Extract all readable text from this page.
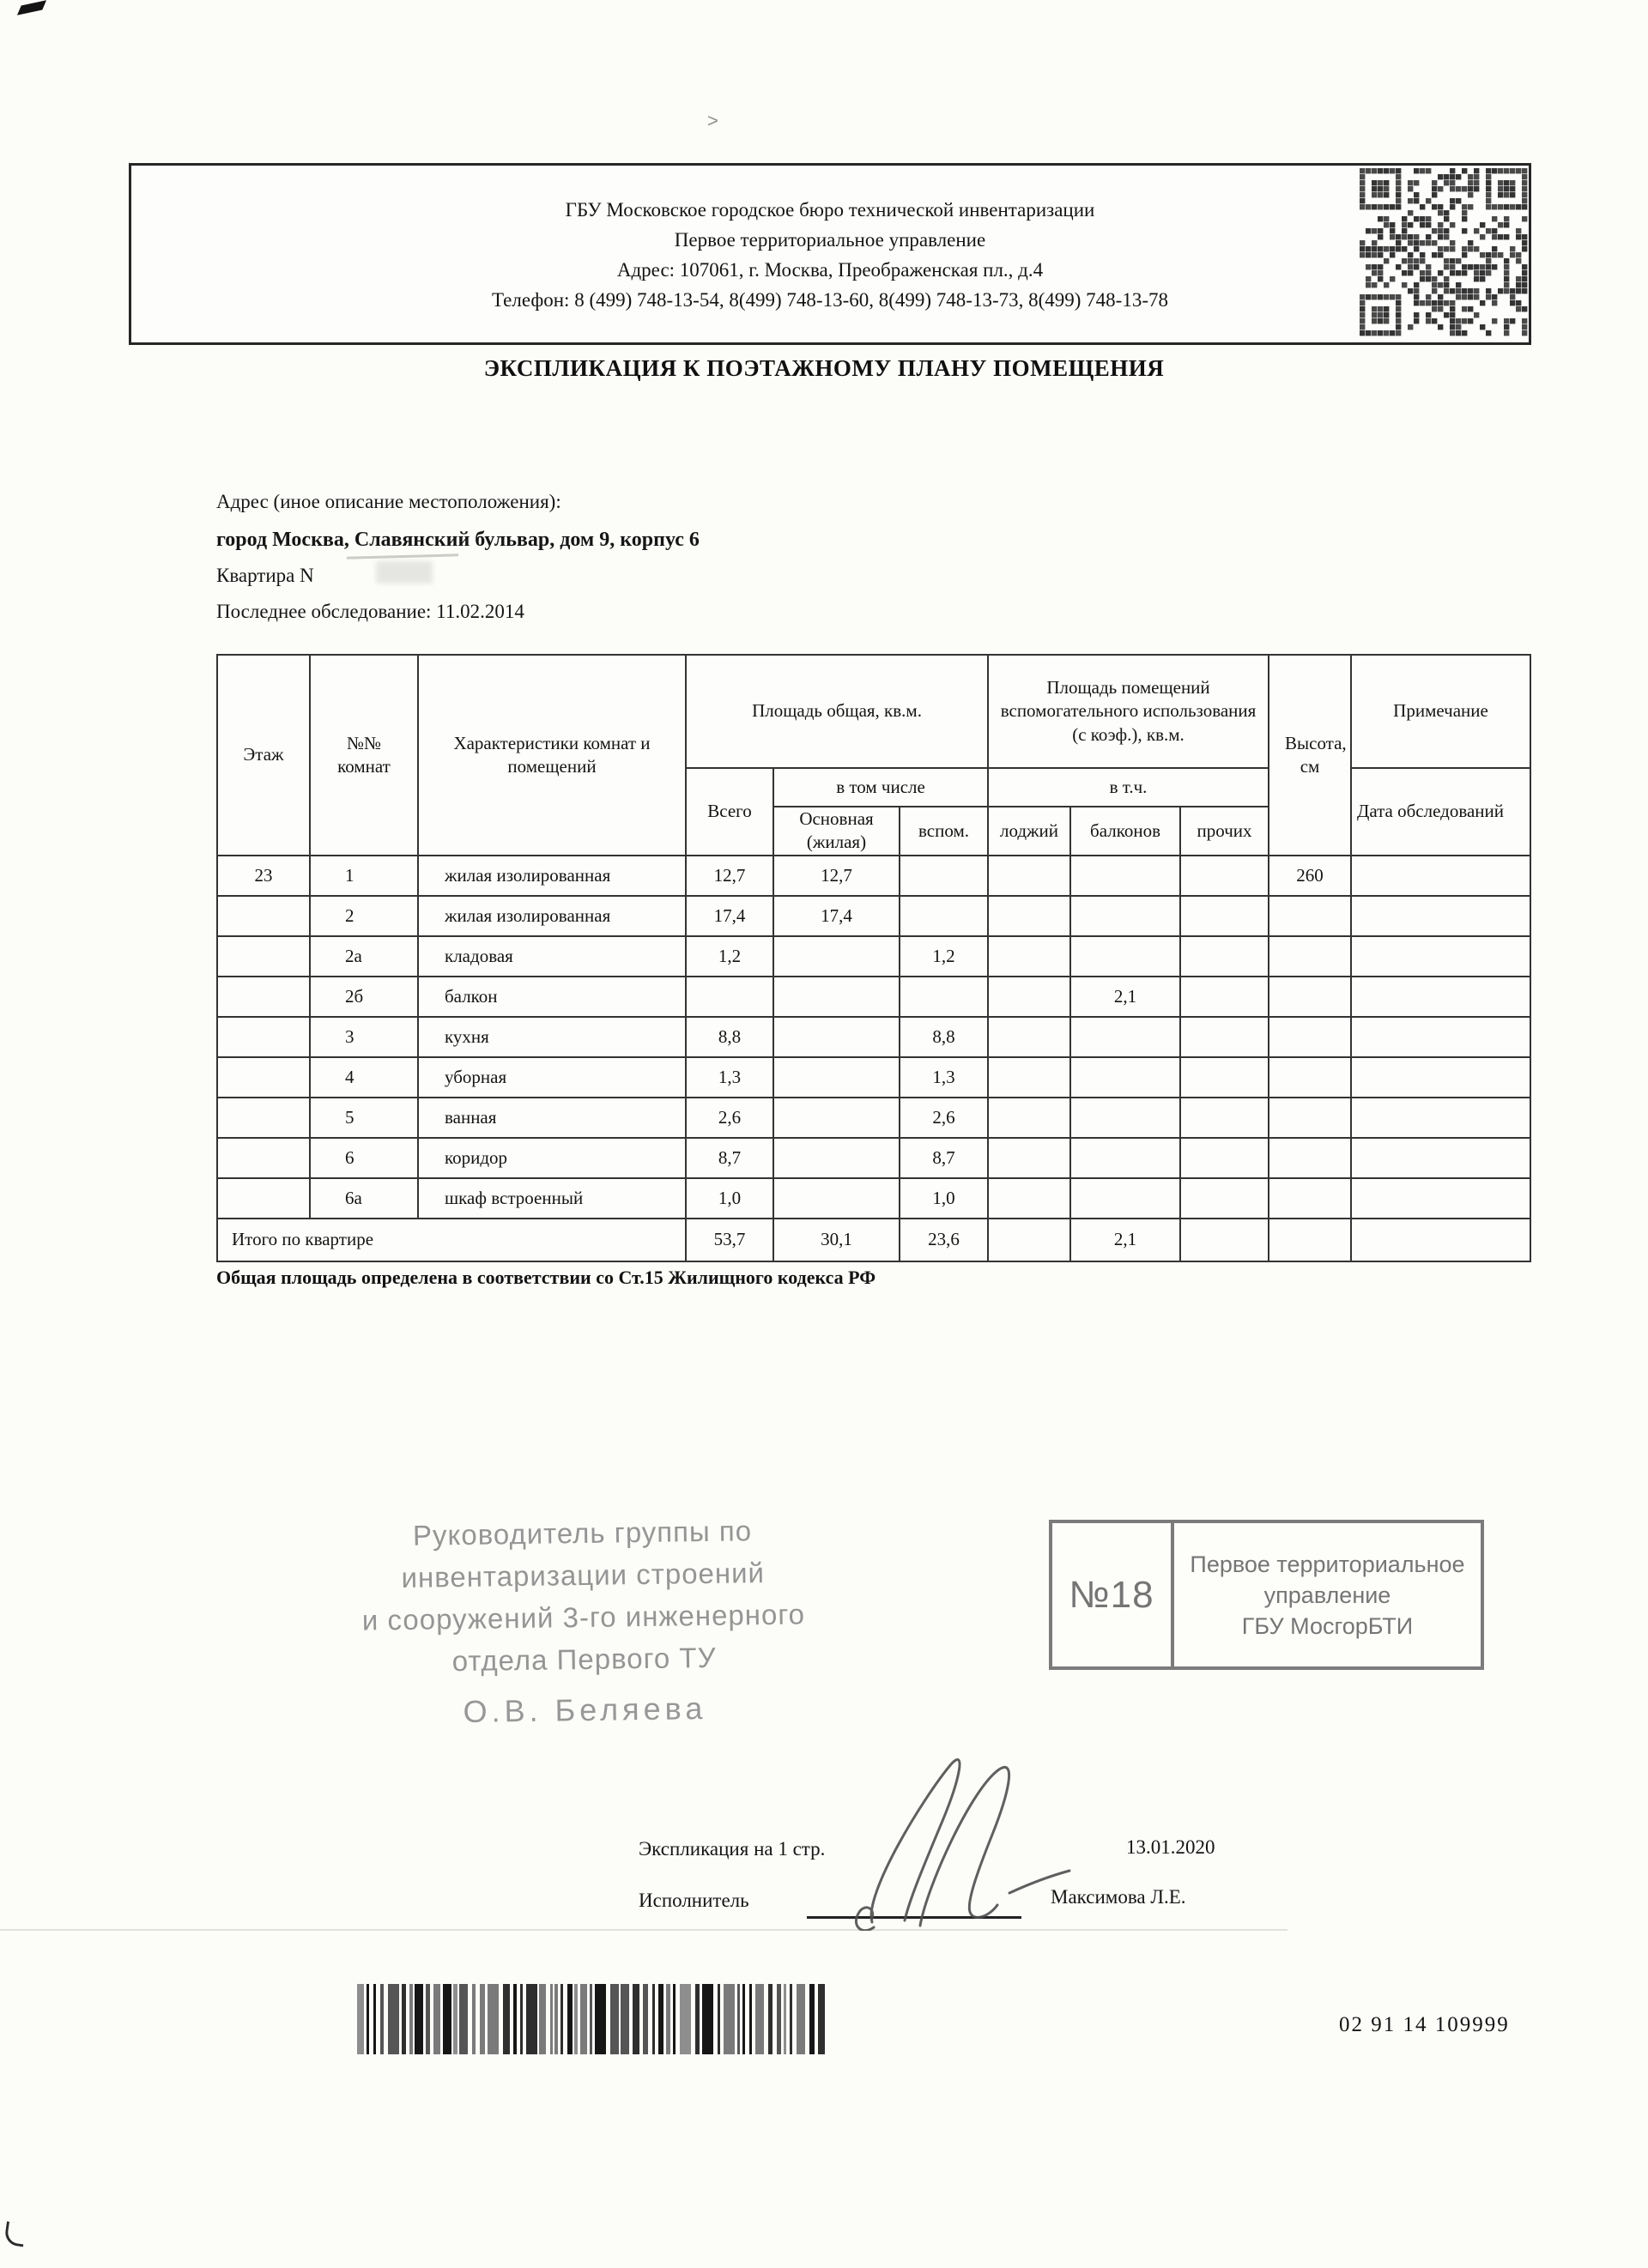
>
ГБУ Московское городское бюро технической инвентаризации
Первое территориальное управление
Адрес: 107061, г. Москва, Преображенская пл., д.4
Телефон: 8 (499) 748-13-54, 8(499) 748-13-60, 8(499) 748-13-73, 8(499) 748-13-78
ЭКСПЛИКАЦИЯ К ПОЭТАЖНОМУ ПЛАНУ ПОМЕЩЕНИЯ
Адрес (иное описание местоположения):
город Москва, Славянский бульвар, дом 9, корпус 6
Квартира N
Последнее обследование: 11.02.2014
Этаж	№№ комнат	Характеристики комнат и помещений	Площадь общая, кв.м.			Площадь помещений вспомогательного использования (с коэф.), кв.м.			Высота, см	Примечание
			Всего	в том числе		в т.ч.				Дата обследований
				Основная (жилая)	вспом.	лоджий	балконов	прочих		
23	1	жилая изолированная	12,7	12,7					260	
	2	жилая изолированная	17,4	17,4						
	2а	кладовая	1,2		1,2					
	2б	балкон					2,1			
	3	кухня	8,8		8,8					
	4	уборная	1,3		1,3					
	5	ванная	2,6		2,6					
	6	коридор	8,7		8,7					
	6а	шкаф встроенный	1,0		1,0					
Итого по квартире			53,7	30,1	23,6		2,1			
Общая площадь определена в соответствии со Ст.15 Жилищного кодекса РФ
Руководитель группы по
инвентаризации строений
и сооружений 3-го инженерного
отдела Первого ТУ
О.В. Беляева
№18
Первое территориальное
управление
ГБУ МосгорБТИ
Экспликация на 1 стр.	13.01.2020
Исполнитель	Максимова Л.Е.
02 91 14 109999
